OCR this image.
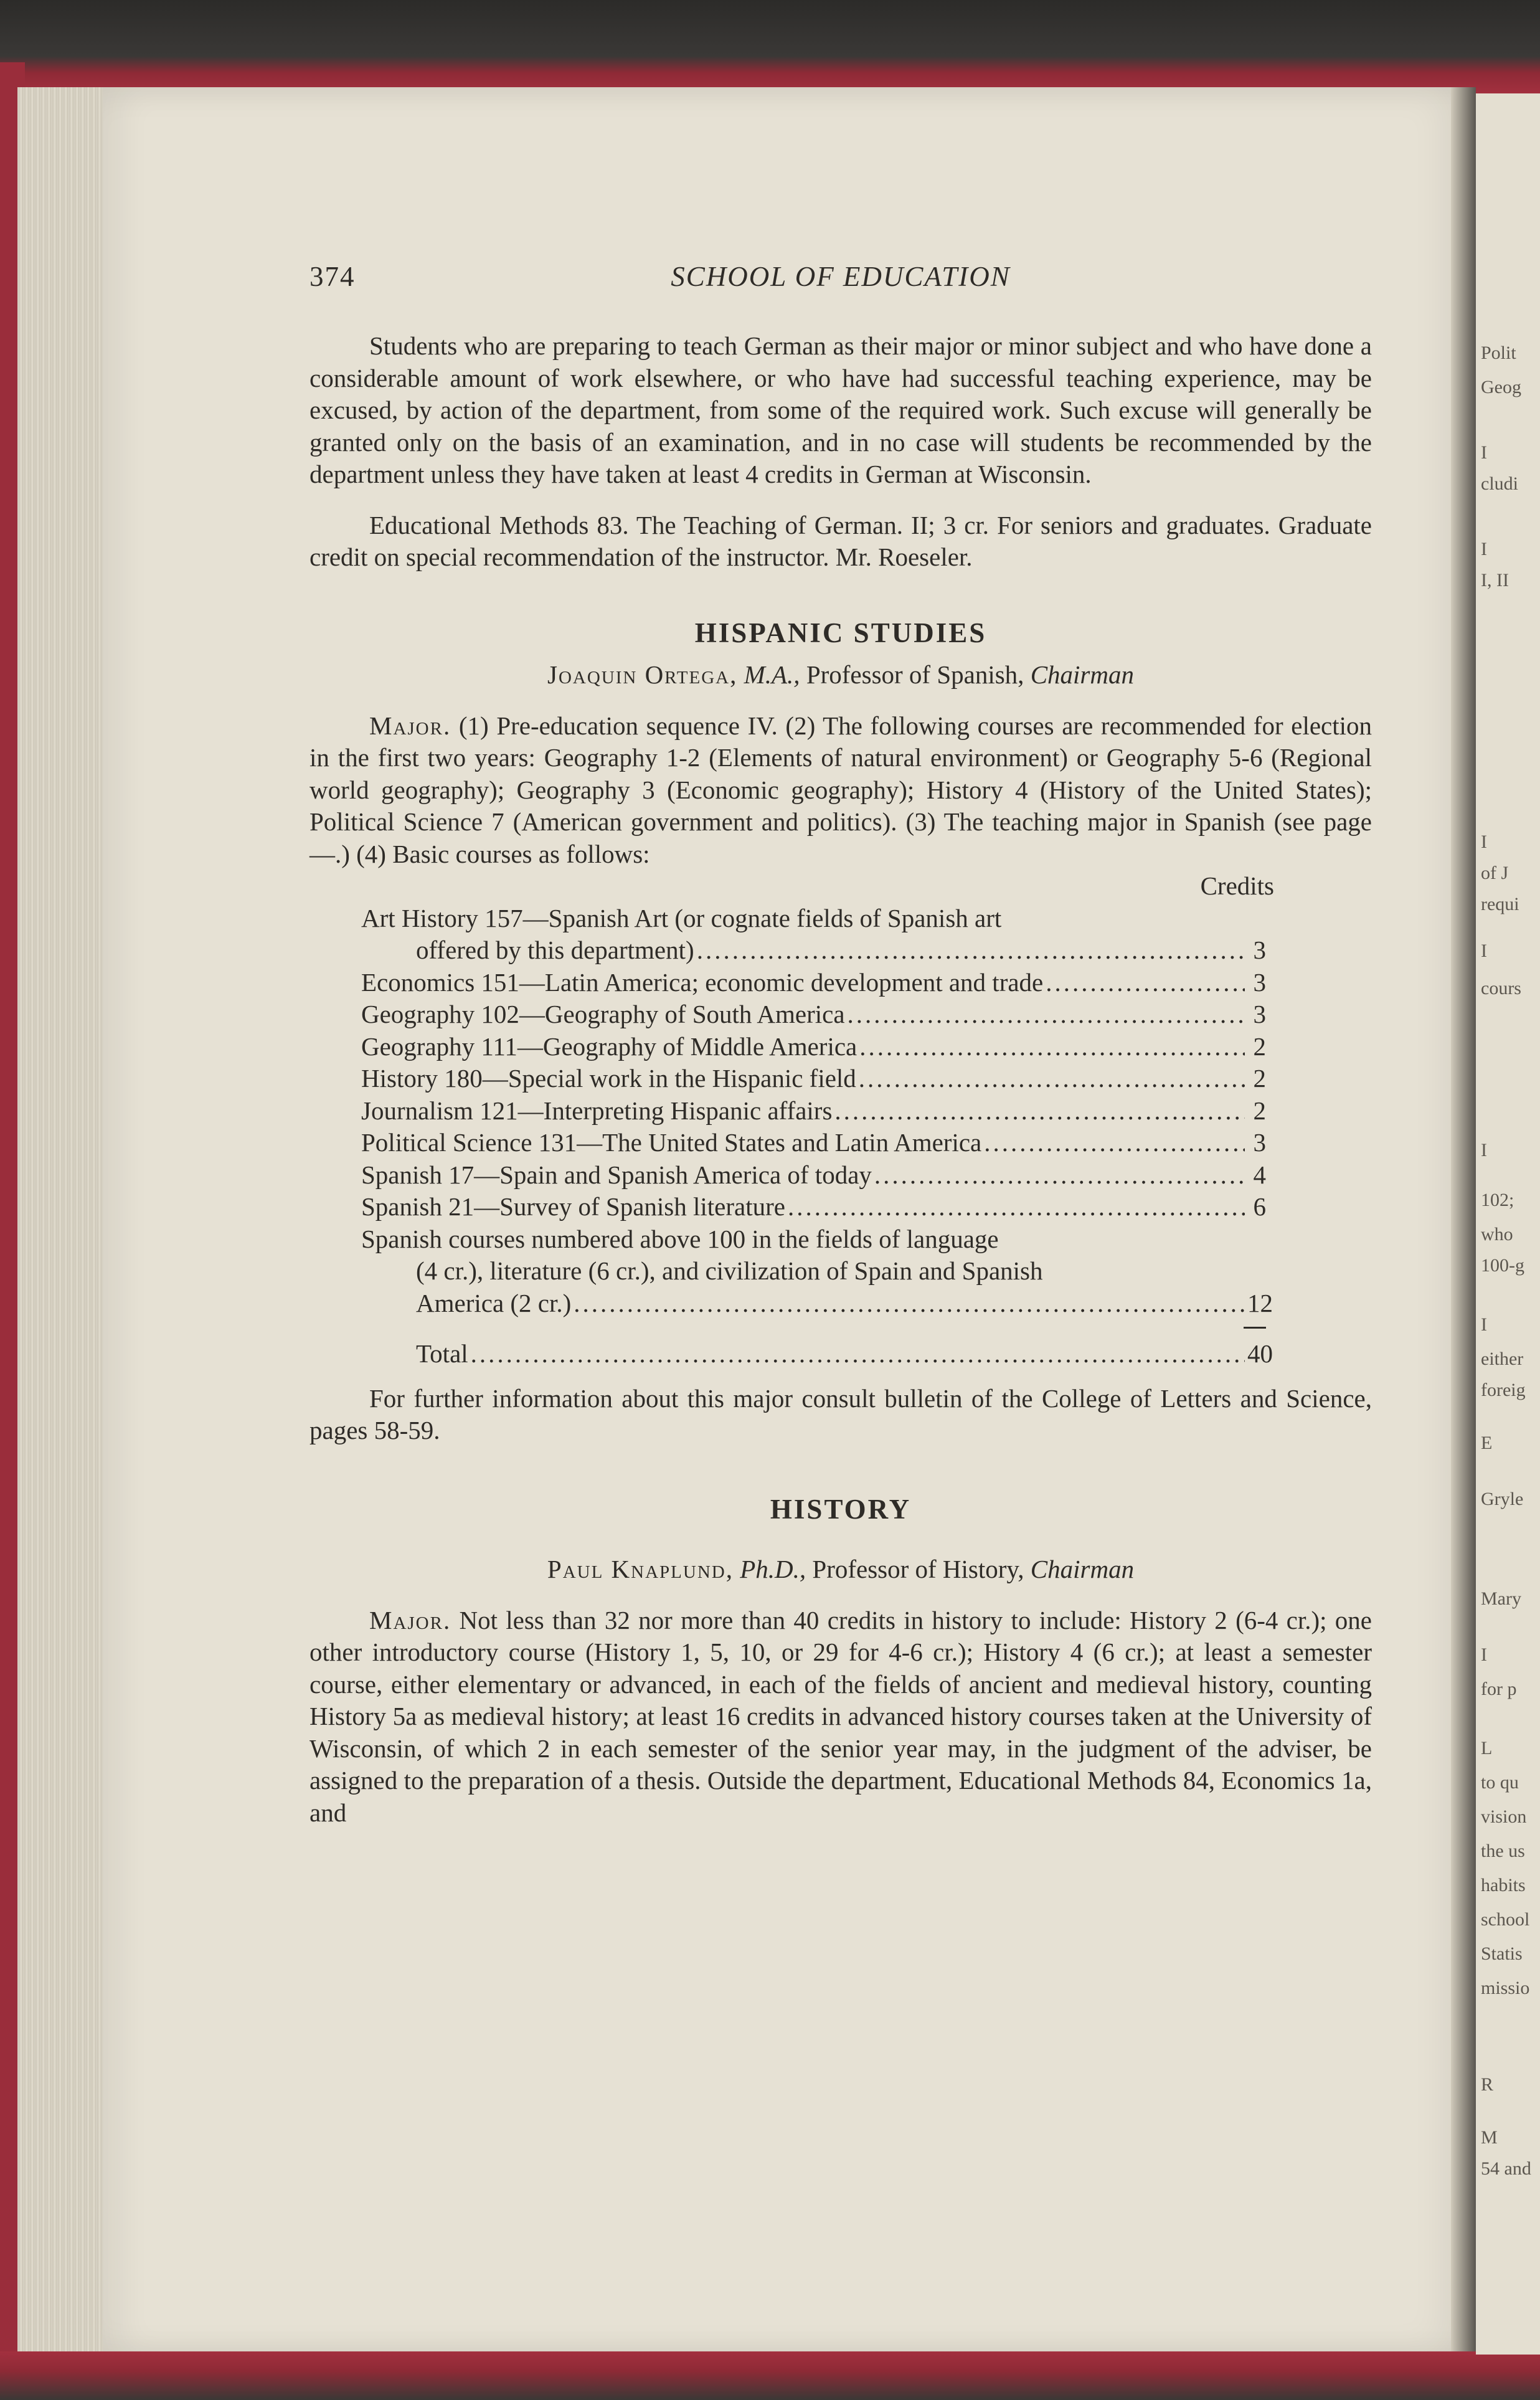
Polit
Geog
I
cludi
I
I, II
I
of J
requi
I
cours
I
102;
who
100-g
I
either
foreig
E
Gryle
Mary
I
for p
L
to qu
vision
the us
habits
school
Statis
missio
R
M
54 and
374	SCHOOL OF EDUCATION

Students who are preparing to teach German as their major or minor subject and who have done a considerable amount of work elsewhere, or who have had successful teaching experience, may be excused, by action of the department, from some of the required work. Such excuse will generally be granted only on the basis of an examination, and in no case will students be recommended by the department unless they have taken at least 4 credits in German at Wisconsin.

Educational Methods 83. The Teaching of German. II; 3 cr. For seniors and graduates. Graduate credit on special recommendation of the instructor. Mr. Roeseler.

HISPANIC STUDIES

Joaquin Ortega, M.A., Professor of Spanish, Chairman

Major. (1) Pre-education sequence IV. (2) The following courses are recommended for election in the first two years: Geography 1-2 (Elements of natural environment) or Geography 5-6 (Regional world geography); Geography 3 (Economic geography); History 4 (History of the United States); Political Science 7 (American government and politics). (3) The teaching major in Spanish (see page—.) (4) Basic courses as follows:

Credits
Art History 157—Spanish Art (or cognate fields of Spanish art
offered by this department) .....	3
Economics 151—Latin America; economic development and trade .....	3
Geography 102—Geography of South America .....	3
Geography 111—Geography of Middle America .....	2
History 180—Special work in the Hispanic field .....	2
Journalism 121—Interpreting Hispanic affairs .....	2
Political Science 131—The United States and Latin America .....	3
Spanish 17—Spain and Spanish America of today .....	4
Spanish 21—Survey of Spanish literature .....	6
Spanish courses numbered above 100 in the fields of language
(4 cr.), literature (6 cr.), and civilization of Spain and Spanish
America (2 cr.) .....	12
Total .....	40

For further information about this major consult bulletin of the College of Letters and Science, pages 58-59.

HISTORY

Paul Knaplund, Ph.D., Professor of History, Chairman

Major. Not less than 32 nor more than 40 credits in history to include: History 2 (6-4 cr.); one other introductory course (History 1, 5, 10, or 29 for 4-6 cr.); History 4 (6 cr.); at least a semester course, either elementary or advanced, in each of the fields of ancient and medieval history, counting History 5a as medieval history; at least 16 credits in advanced history courses taken at the University of Wisconsin, of which 2 in each semester of the senior year may, in the judgment of the adviser, be assigned to the preparation of a thesis. Outside the department, Educational Methods 84, Economics 1a, and
